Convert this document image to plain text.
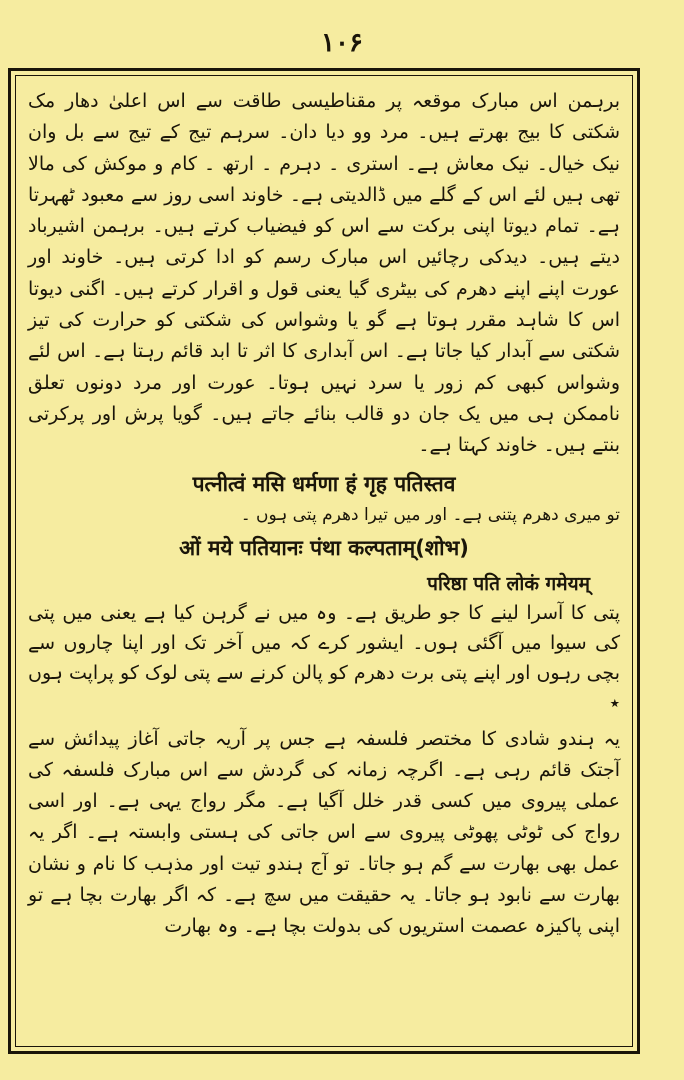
۱۰۶

برہمن اس مبارک موقعہ پر مقناطیسی طاقت سے اس اعلیٰ دھار مک شکتی کا بیج بھرتے ہیں۔ مرد وو دیا دان۔ سرہم تیج کے تیج سے بل وان نیک خیال۔ نیک معاش ہے۔ استری ۔ دہرم ۔ ارتھ ۔ کام و موکش کی مالا تھی ہیں لئے اس کے گلے میں ڈالدیتی ہے۔ خاوند اسی روز سے معبود ٹھہرتا ہے۔ تمام دیوتا اپنی برکت سے اس کو فیضیاب کرتے ہیں۔ برہمن اشیرباد دیتے ہیں۔ دیدکی رچائیں اس مبارک رسم کو ادا کرتی ہیں۔ خاوند اور عورت اپنے اپنے دھرم کی بیٹری گیا یعنی قول و اقرار کرتے ہیں۔ اگنی دیوتا اس کا شاہد مقرر ہوتا ہے گو یا وشواس کی شکتی کو حرارت کی تیز شکتی سے آبدار کیا جاتا ہے۔ اس آبداری کا اثر تا ابد قائم رہتا ہے۔ اس لئے وشواس کبھی کم زور یا سرد نہیں ہوتا۔ عورت اور مرد دونوں تعلق ناممکن ہی میں یک جان دو قالب بنائے جاتے ہیں۔ گویا پرش اور پرکرتی بنتے ہیں۔ خاوند کہتا ہے۔

पत्नीत्वं मसि धर्मणा हं गृह पतिस्तव

تو میری دھرم پتنی ہے۔ اور میں تیرا دھرم پتی ہوں ۔

ओं मये पतियानः पंथा कल्पताम्(शोभ)

परिष्ठा पति लोकं गमेयम्

پتی کا آسرا لینے کا جو طریق ہے۔ وہ میں نے گرہن کیا ہے یعنی میں پتی کی سیوا میں آگئی ہوں۔ ایشور کرے کہ میں آخر تک اور اپنا چاروں سے بچی رہوں اور اپنے پتی برت دھرم کو پالن کرنے سے پتی لوک کو پراپت ہوں ٭

یہ ہندو شادی کا مختصر فلسفہ ہے جس پر آریہ جاتی آغاز پیدائش سے آجتک قائم رہی ہے۔ اگرچہ زمانہ کی گردش سے اس مبارک فلسفہ کی عملی پیروی میں کسی قدر خلل آگیا ہے۔ مگر رواج یہی ہے۔ اور اسی رواج کی ٹوٹی پھوٹی پیروی سے اس جاتی کی ہستی وابستہ ہے۔ اگر یہ عمل بھی بھارت سے گم ہو جاتا۔ تو آج ہندو تیت اور مذہب کا نام و نشان بھارت سے نابود ہو جاتا۔ یہ حقیقت میں سچ ہے۔ کہ اگر بھارت بچا ہے تو اپنی پاکیزہ عصمت استریوں کی بدولت بچا ہے۔ وہ بھارت
